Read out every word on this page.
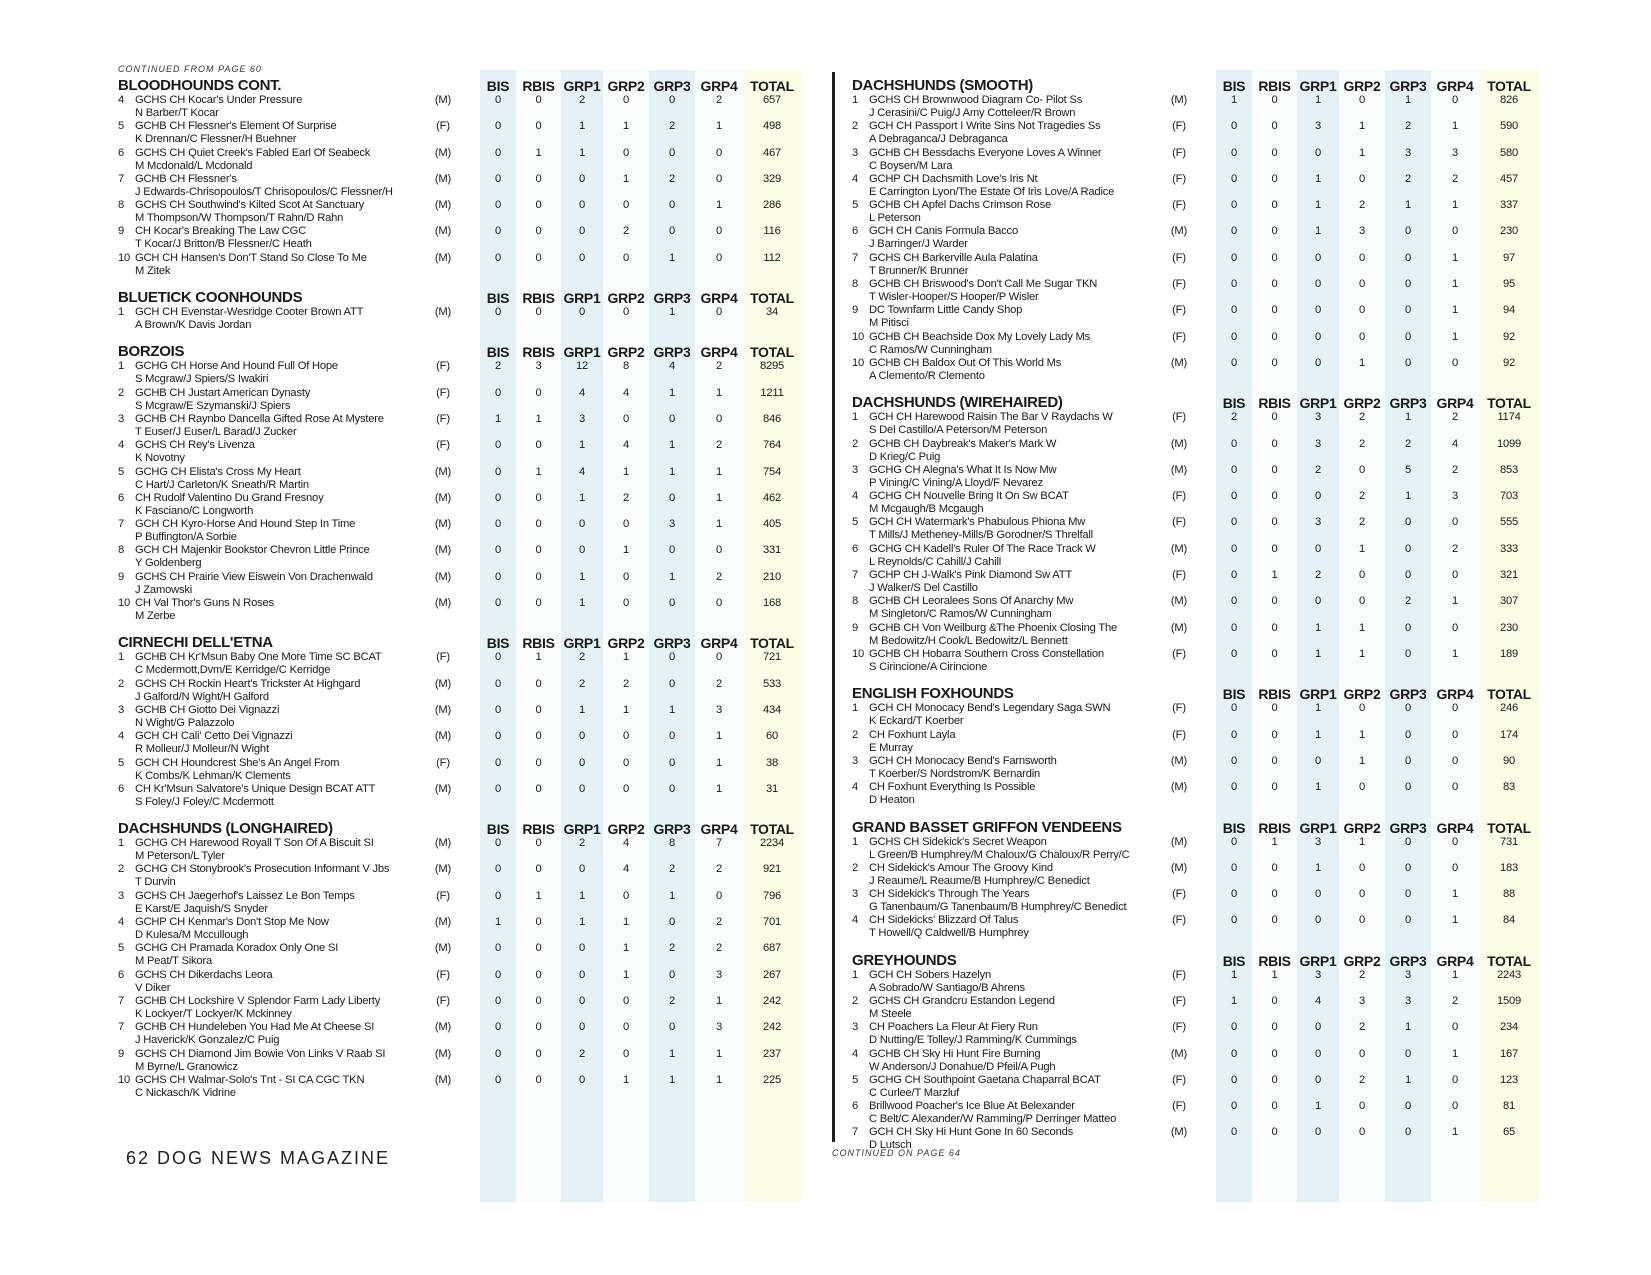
CONTINUED FROM PAGE 60
BLOODHOUNDS CONT.	BIS RBIS GRP1 GRP2 GRP3 GRP4 TOTAL
4 GCHS CH Kocar's Under Pressure
N Barber/T Kocar
(M)	0	0	2	0	0	2	657
5 GCHB CH Flessner's Element Of Surprise
K Drennan/C Flessner/H Buehner
(F)	0	0	1	1	2	1	498
6 GCHS CH Quiet Creek's Fabled Earl Of Seabeck
M Mcdonald/L Mcdonald
(M)	0	1	1	0	0	0	467
7 GCHB CH Flessner's
J Edwards-Chrisopoulos/T Chrisopoulos/C Flessner/H
(M)	0	0	0	1	2	0	329
8 GCHS CH Southwind's Kilted Scot At Sanctuary
M Thompson/W Thompson/T Rahn/D Rahn
(M)	0	0	0	0	0	1	286
9 CH Kocar's Breaking The Law CGC
T Kocar/J Britton/B Flessner/C Heath
(M)	0	0	0	2	0	0	116
10 GCH CH Hansen's Don'T Stand So Close To Me
M Zitek
(M)	0	0	0	0	1	0	112
BLUETICK COONHOUNDS	BIS RBIS GRP1 GRP2 GRP3 GRP4 TOTAL
1 GCH CH Evenstar-Wesridge Cooter Brown ATT
A Brown/K Davis Jordan
(M)	0	0	0	0	1	0	34
BORZOIS	BIS RBIS GRP1 GRP2 GRP3 GRP4 TOTAL
1 GCHG CH Horse And Hound Full Of Hope
S Mcgraw/J Spiers/S Iwakiri
(F)	2	3	12	8	4	2	8295
2 GCHB CH Justart American Dynasty
S Mcgraw/E Szymanski/J Spiers
(F)	0	0	4	4	1	1	1211
3 GCHB CH Raynbo Dancella Gifted Rose At Mystere
T Euser/J Euser/L Barad/J Zucker
(F)	1	1	3	0	0	0	846
4 GCHS CH Rey's Livenza
K Novotny
(F)	0	0	1	4	1	2	764
5 GCHG CH Elista's Cross My Heart
C Hart/J Carleton/K Sneath/R Martin
(M)	0	1	4	1	1	1	754
6 CH Rudolf Valentino Du Grand Fresnoy
K Fasciano/C Longworth
(M)	0	0	1	2	0	1	462
7 GCH CH Kyro-Horse And Hound Step In Time
P Buffington/A Sorbie
(M)	0	0	0	0	3	1	405
8 GCH CH Majenkir Bookstor Chevron Little Prince
Y Goldenberg
(M)	0	0	0	1	0	0	331
9 GCHS CH Prairie View Eiswein Von Drachenwald
J Zamowski
(M)	0	0	1	0	1	2	210
10 CH Val Thor's Guns N Roses
M Zerbe
(M)	0	0	1	0	0	0	168
CIRNECHI DELL'ETNA	BIS RBIS GRP1 GRP2 GRP3 GRP4 TOTAL
1 GCHB CH Kr'Msun Baby One More Time SC BCAT
C Mcdermott,Dvm/E Kerridge/C Kerridge
(F)	0	1	2	1	0	0	721
2 GCHS CH Rockin Heart's Trickster At Highgard
J Galford/N Wight/H Galford
(M)	0	0	2	2	0	2	533
3 GCHB CH Giotto Dei Vignazzi
N Wight/G Palazzolo
(M)	0	0	1	1	1	3	434
4 GCH CH Cali' Cetto Dei Vignazzi
R Molleur/J Molleur/N Wight
(M)	0	0	0	0	0	1	60
5 GCH CH Houndcrest She's An Angel From
K Combs/K Lehman/K Clements
(F)	0	0	0	0	0	1	38
6 CH Kr'Msun Salvatore's Unique Design BCAT ATT
S Foley/J Foley/C Mcdermott
(M)	0	0	0	0	0	1	31
DACHSHUNDS (LONGHAIRED)	BIS RBIS GRP1 GRP2 GRP3 GRP4 TOTAL
1 GCHG CH Harewood Royall T Son Of A Biscuit SI
M Peterson/L Tyler
(M)	0	0	2	4	8	7	2234
2 GCHG CH Stonybrook's Prosecution Informant V Jbs
T Durvin
(M)	0	0	0	4	2	2	921
3 GCHS CH Jaegerhof's Laissez Le Bon Temps
E Karst/E Jaquish/S Snyder
(F)	0	1	1	0	1	0	796
4 GCHP CH Kenmar's Don't Stop Me Now
D Kulesa/M Mccullough
(M)	1	0	1	1	0	2	701
5 GCHG CH Pramada Koradox Only One SI
M Peat/T Sikora
(M)	0	0	0	1	2	2	687
6 GCHS CH Dikerdachs Leora
V Diker
(F)	0	0	0	1	0	3	267
7 GCHB CH Lockshire V Splendor Farm Lady Liberty
K Lockyer/T Lockyer/K Mckinney
(F)	0	0	0	0	2	1	242
7 GCHB CH Hundeleben You Had Me At Cheese SI
J Haverick/K Gonzalez/C Puig
(M)	0	0	0	0	0	3	242
9 GCHS CH Diamond Jim Bowie Von Links V Raab SI
M Byrne/L Granowicz
(M)	0	0	2	0	1	1	237
10 GCHS CH Walmar-Solo's Tnt - SI CA CGC TKN
C Nickasch/K Vidrine
(M)	0	0	0	1	1	1	225
DACHSHUNDS (SMOOTH)	BIS RBIS GRP1 GRP2 GRP3 GRP4 TOTAL
1 GCHS CH Brownwood Diagram Co- Pilot Ss
J Cerasini/C Puig/J Amy Cotteleer/R Brown
(M)	1	0	1	0	1	0	826
2 GCH CH Passport I Write Sins Not Tragedies Ss
A Debraganca/J Debraganca
(F)	0	0	3	1	2	1	590
3 GCHB CH Bessdachs Everyone Loves A Winner
C Boysen/M Lara
(F)	0	0	0	1	3	3	580
4 GCHP CH Dachsmith Love's Iris Nt
E Carrington Lyon/The Estate Of Iris Love/A Radice
(F)	0	0	1	0	2	2	457
5 GCHB CH Apfel Dachs Crimson Rose
L Peterson
(F)	0	0	1	2	1	1	337
6 GCH CH Canis Formula Bacco
J Barringer/J Warder
(M)	0	0	1	3	0	0	230
7 GCHS CH Barkerville Aula Palatina
T Brunner/K Brunner
(F)	0	0	0	0	0	1	97
8 GCHB CH Briswood's Don't Call Me Sugar TKN
T Wisler-Hooper/S Hooper/P Wisler
(F)	0	0	0	0	0	1	95
9 DC Townfarm Little Candy Shop
M Pitisci
(F)	0	0	0	0	0	1	94
10 GCHB CH Beachside Dox My Lovely Lady Ms
C Ramos/W Cunningham
(F)	0	0	0	0	0	1	92
10 GCHB CH Baldox Out Of This World Ms
A Clemento/R Clemento
(M)	0	0	0	1	0	0	92
DACHSHUNDS (WIREHAIRED)	BIS RBIS GRP1 GRP2 GRP3 GRP4 TOTAL
1 GCH CH Harewood Raisin The Bar V Raydachs W
S Del Castillo/A Peterson/M Peterson
(F)	2	0	3	2	1	2	1174
2 GCHB CH Daybreak's Maker's Mark W
D Krieg/C Puig
(M)	0	0	3	2	2	4	1099
3 GCHG CH Alegna's What It Is Now Mw
P Vining/C Vining/A Lloyd/F Nevarez
(M)	0	0	2	0	5	2	853
4 GCHG CH Nouvelle Bring It On Sw BCAT
M Mcgaugh/B Mcgaugh
(F)	0	0	0	2	1	3	703
5 GCH CH Watermark's Phabulous Phiona Mw
T Mills/J Metheney-Mills/B Gorodner/S Threlfall
(F)	0	0	3	2	0	0	555
6 GCHG CH Kadell's Ruler Of The Race Track W
L Reynolds/C Cahill/J Cahill
(M)	0	0	0	1	0	2	333
7 GCHP CH J-Walk's Pink Diamond Sw ATT
J Walker/S Del Castillo
(F)	0	1	2	0	0	0	321
8 GCHB CH Leoralees Sons Of Anarchy Mw
M Singleton/C Ramos/W Cunningham
(M)	0	0	0	0	2	1	307
9 GCHB CH Von Weilburg &The Phoenix Closing The
M Bedowitz/H Cook/L Bedowitz/L Bennett
(M)	0	0	1	1	0	0	230
10 GCHB CH Hobarra Southern Cross Constellation
S Cirincione/A Cirincione
(F)	0	0	1	1	0	1	189
ENGLISH FOXHOUNDS	BIS RBIS GRP1 GRP2 GRP3 GRP4 TOTAL
1 GCH CH Monocacy Bend's Legendary Saga SWN
K Eckard/T Koerber
(F)	0	0	1	0	0	0	246
2 CH Foxhunt Layla
E Murray
(F)	0	0	1	1	0	0	174
3 GCH CH Monocacy Bend's Farnsworth
T Koerber/S Nordstrom/K Bernardin
(M)	0	0	0	1	0	0	90
4 CH Foxhunt Everything Is Possible
D Heaton
(M)	0	0	1	0	0	0	83
GRAND BASSET GRIFFON VENDEENS	BIS RBIS GRP1 GRP2 GRP3 GRP4 TOTAL
1 GCHS CH Sidekick's Secret Weapon
L Green/B Humphrey/M Chaloux/G Chaloux/R Perry/C
(M)	0	1	3	1	0	0	731
2 CH Sidekick's Amour The Groovy Kind
J Reaume/L Reaume/B Humphrey/C Benedict
(M)	0	0	1	0	0	0	183
3 CH Sidekick's Through The Years
G Tanenbaum/G Tanenbaum/B Humphrey/C Benedict
(F)	0	0	0	0	0	1	88
4 CH Sidekicks' Blizzard Of Talus
T Howell/Q Caldwell/B Humphrey
(F)	0	0	0	0	0	1	84
GREYHOUNDS	BIS RBIS GRP1 GRP2 GRP3 GRP4 TOTAL
1 GCH CH Sobers Hazelyn
A Sobrado/W Santiago/B Ahrens
(F)	1	1	3	2	3	1	2243
2 GCHS CH Grandcru Estandon Legend
M Steele
(F)	1	0	4	3	3	2	1509
3 CH Poachers La Fleur At Fiery Run
D Nutting/E Tolley/J Ramming/K Cummings
(F)	0	0	0	2	1	0	234
4 GCHB CH Sky Hi Hunt Fire Burning
W Anderson/J Donahue/D Pfeil/A Pugh
(M)	0	0	0	0	0	1	167
5 GCHG CH Southpoint Gaetana Chaparral BCAT
C Curlee/T Marzluf
(F)	0	0	0	2	1	0	123
6 Brillwood Poacher's Ice Blue At Belexander
C Belt/C Alexander/W Ramming/P Derringer Matteo
(F)	0	0	1	0	0	0	81
7 GCH CH Sky Hi Hunt Gone In 60 Seconds
D Lutsch
(M)	0	0	0	0	0	1	65
62 DOG NEWS MAGAZINE	CONTINUED ON PAGE 64
